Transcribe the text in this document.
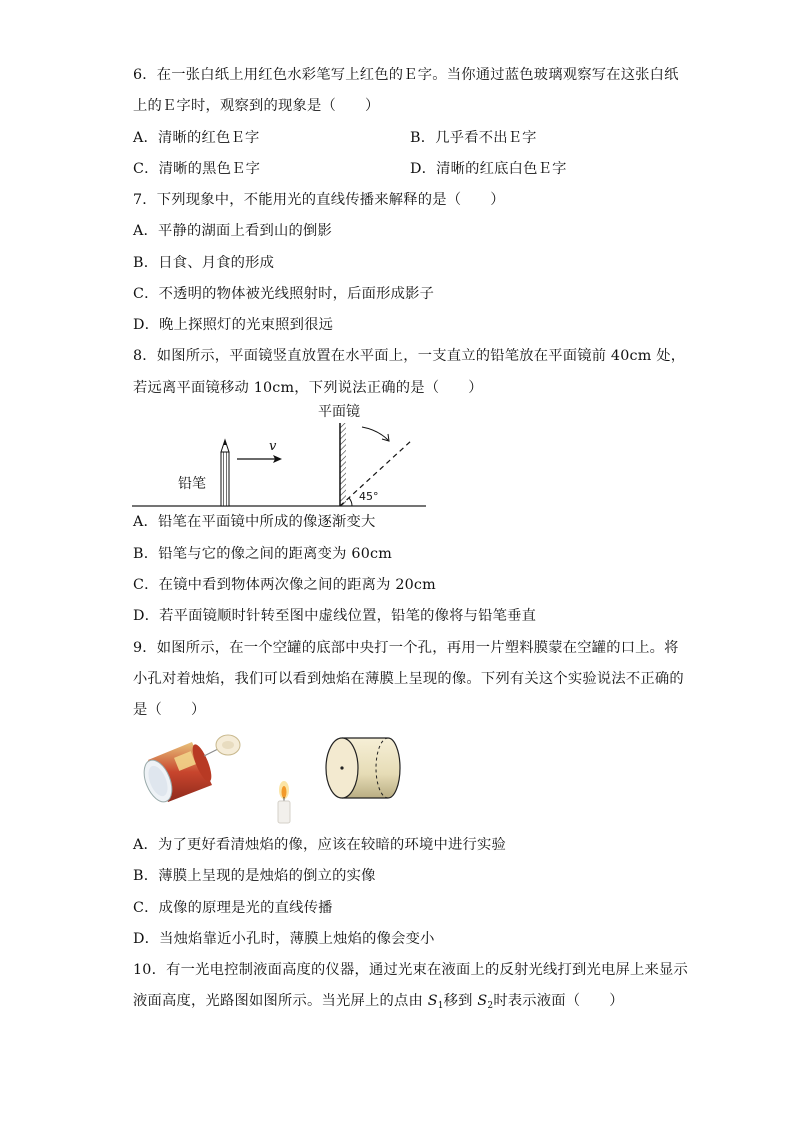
6．在一张白纸上用红色水彩笔写上红色的Ｅ字。当你通过蓝色玻璃观察写在这张白纸
上的Ｅ字时，观察到的现象是（　　）
A．清晰的红色Ｅ字	B．几乎看不出Ｅ字
C．清晰的黑色Ｅ字	D．清晰的红底白色Ｅ字
7．下列现象中，不能用光的直线传播来解释的是（　　）
A．平静的湖面上看到山的倒影
B．日食、月食的形成
C．不透明的物体被光线照射时，后面形成影子
D．晚上探照灯的光束照到很远
8．如图所示，平面镜竖直放置在水平面上，一支直立的铅笔放在平面镜前 40cm 处，
若远离平面镜移动 10cm，下列说法正确的是（　　）
平面镜
45°
铅笔
v
A．铅笔在平面镜中所成的像逐渐变大
B．铅笔与它的像之间的距离变为 60cm
C．在镜中看到物体两次像之间的距离为 20cm
D．若平面镜顺时针转至图中虚线位置，铅笔的像将与铅笔垂直
9．如图所示，在一个空罐的底部中央打一个孔，再用一片塑料膜蒙在空罐的口上。将
小孔对着烛焰，我们可以看到烛焰在薄膜上呈现的像。下列有关这个实验说法不正确的
是（　　）
A．为了更好看清烛焰的像，应该在较暗的环境中进行实验
B．薄膜上呈现的是烛焰的倒立的实像
C．成像的原理是光的直线传播
D．当烛焰靠近小孔时，薄膜上烛焰的像会变小
10．有一光电控制液面高度的仪器，通过光束在液面上的反射光线打到光电屏上来显示
液面高度，光路图如图所示。当光屏上的点由 $S_1$移到 $S_2$时表示液面（　　）
